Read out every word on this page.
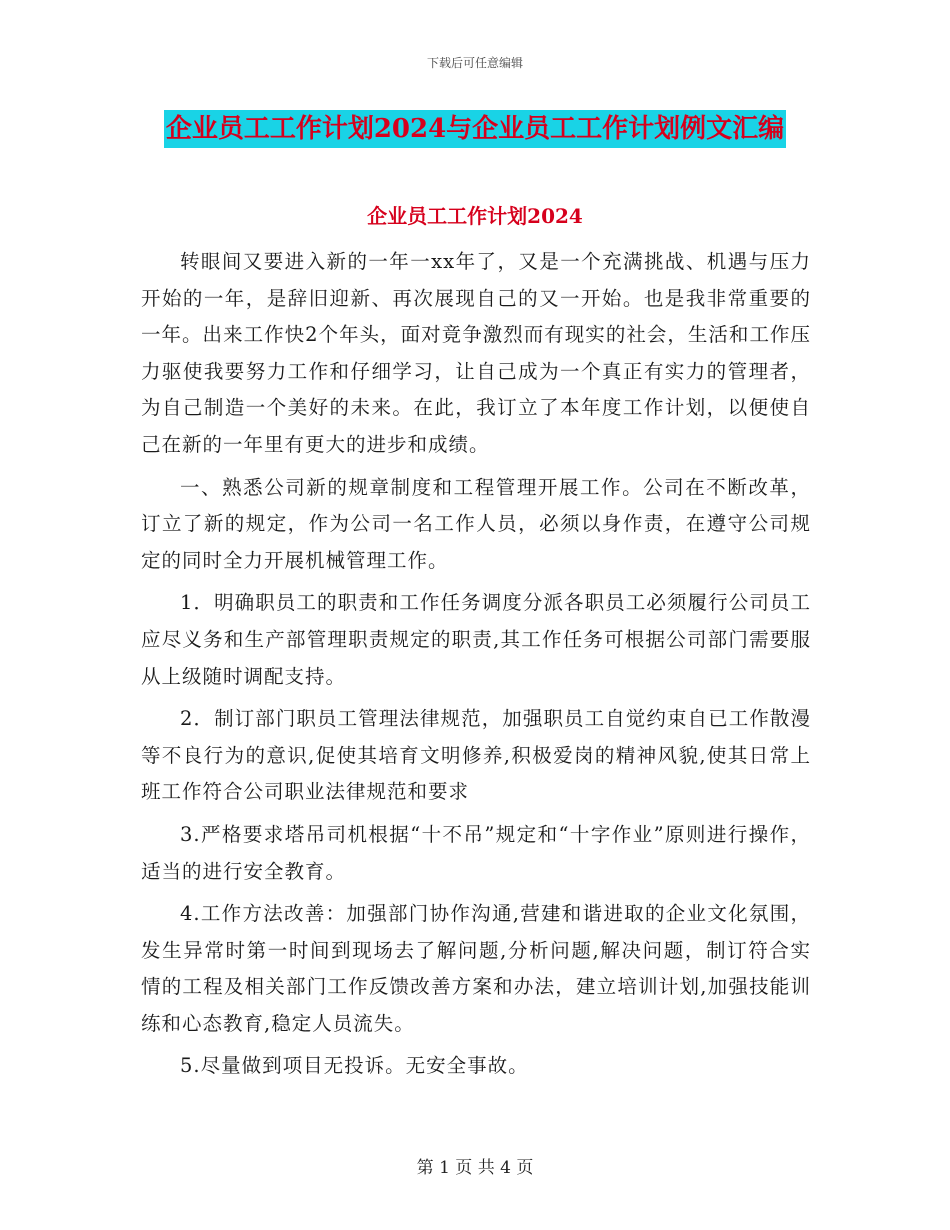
下载后可任意编辑
企业员工工作计划2024与企业员工工作计划例文汇编
企业员工工作计划2024

转眼间又要进入新的一年一xx年了，又是一个充满挑战、机遇与压力开始的一年，是辞旧迎新、再次展现自己的又一开始。也是我非常重要的一年。出来工作快2个年头，面对竟争激烈而有现实的社会，生活和工作压力驱使我要努力工作和仔细学习，让自己成为一个真正有实力的管理者，为自己制造一个美好的未来。在此，我订立了本年度工作计划，以便使自己在新的一年里有更大的进步和成绩。

一、熟悉公司新的规章制度和工程管理开展工作。公司在不断改革，订立了新的规定，作为公司一名工作人员，必须以身作责，在遵守公司规定的同时全力开展机械管理工作。

1．明确职员工的职责和工作任务调度分派各职员工必须履行公司员工应尽义务和生产部管理职责规定的职责,其工作任务可根据公司部门需要服从上级随时调配支持。

2．制订部门职员工管理法律规范，加强职员工自觉约束自已工作散漫等不良行为的意识,促使其培育文明修养,积极爱岗的精神风貌,使其日常上班工作符合公司职业法律规范和要求

3.严格要求塔吊司机根据“十不吊”规定和“十字作业”原则进行操作，适当的进行安全教育。

4.工作方法改善：加强部门协作沟通,营建和谐进取的企业文化氛围，发生异常时第一时间到现场去了解问题,分析问题,解决问题，制订符合实情的工程及相关部门工作反馈改善方案和办法，建立培训计划,加强技能训练和心态教育,稳定人员流失。

5.尽量做到项目无投诉。无安全事故。

第 1 页 共 4 页
